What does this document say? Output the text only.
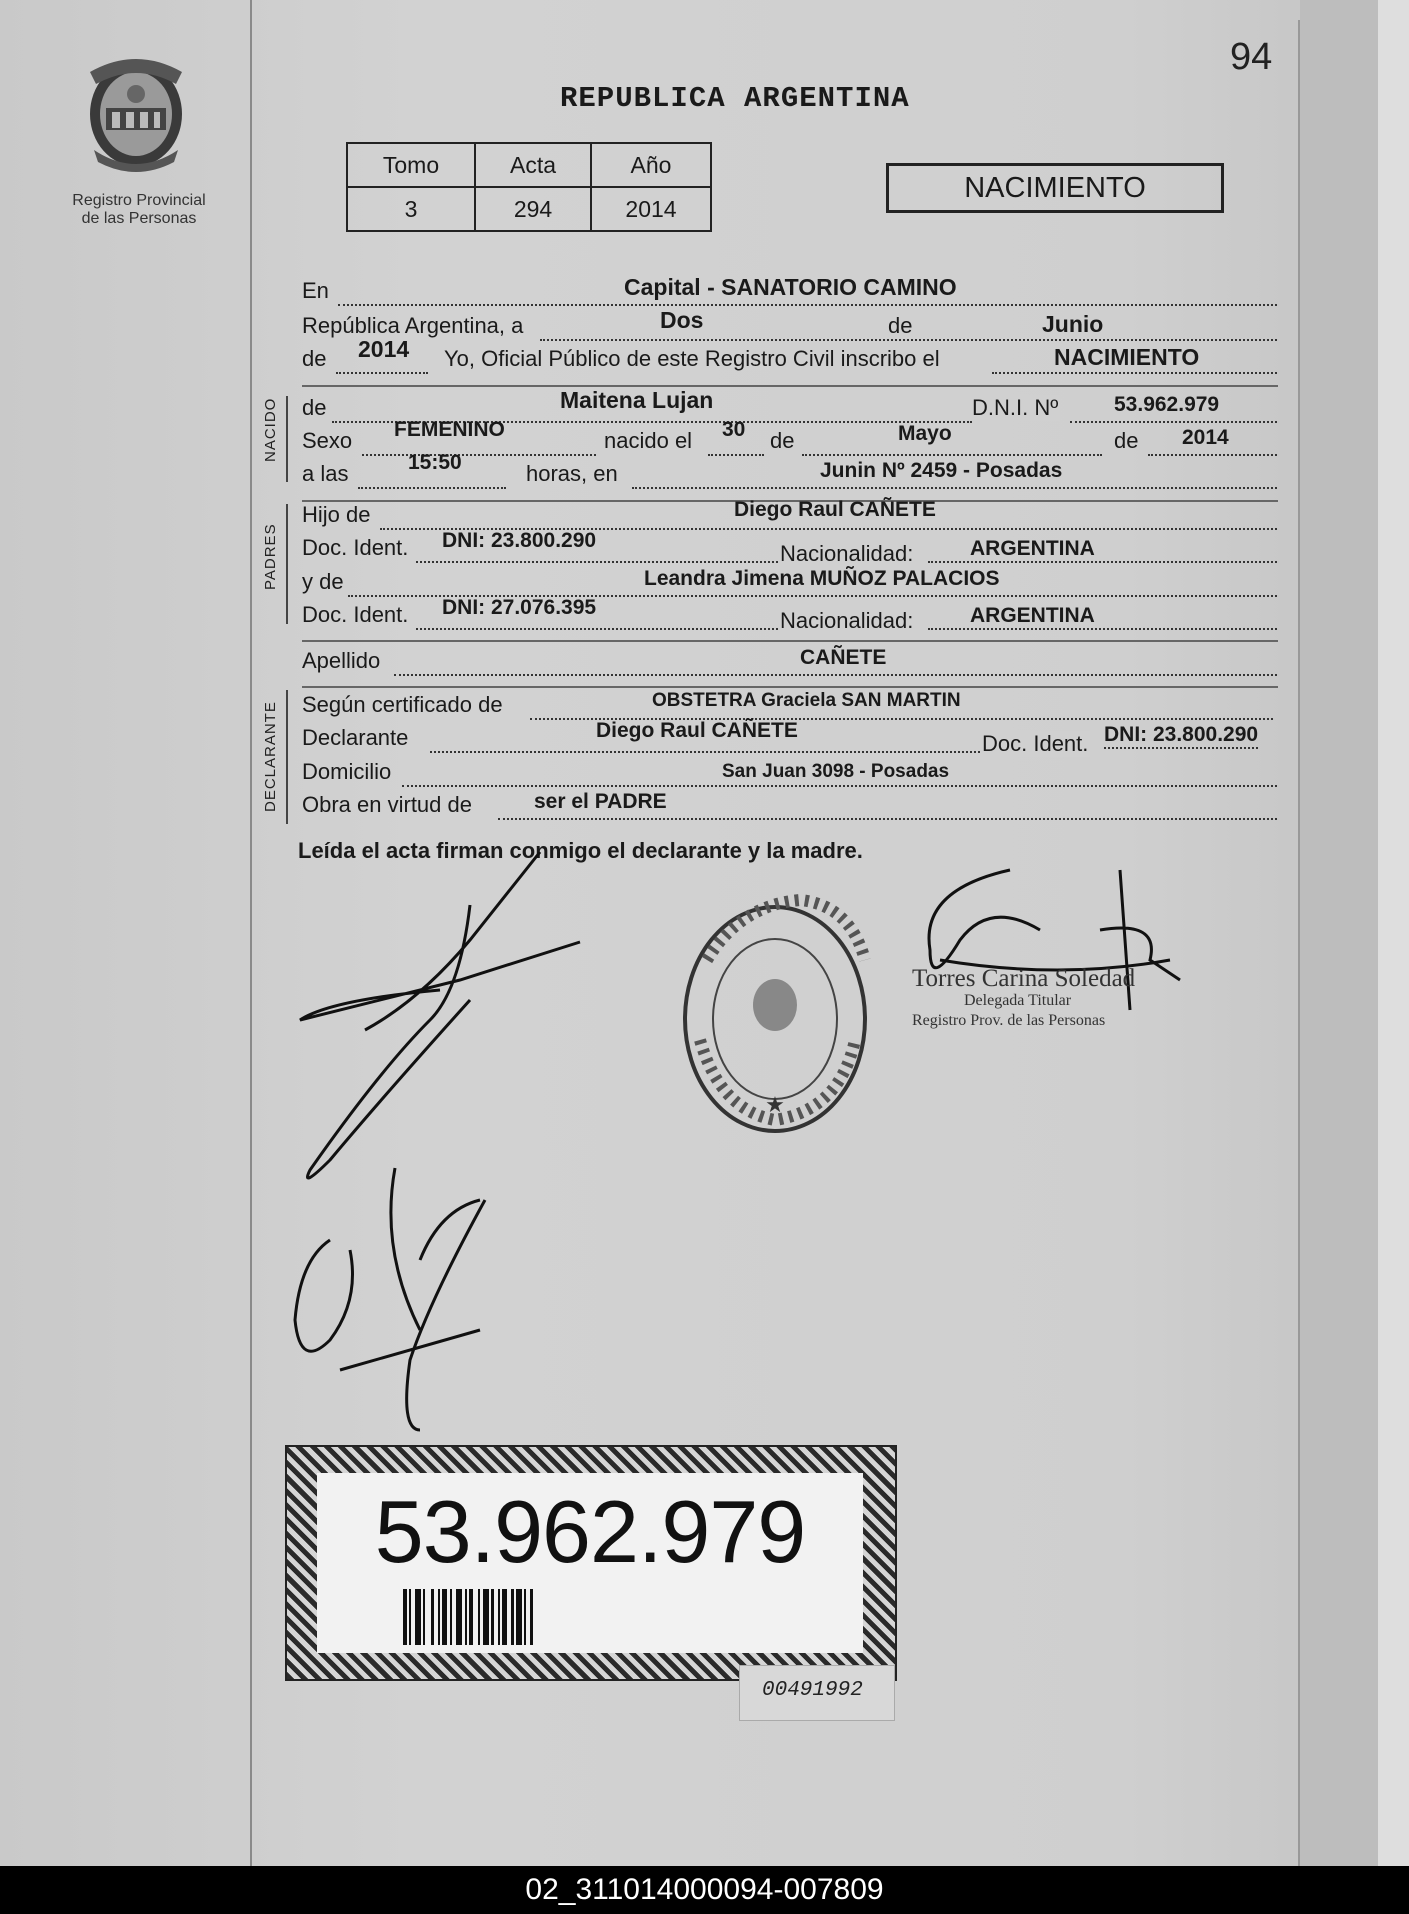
Registro Provincial
de las Personas
94
REPUBLICA ARGENTINA
Tomo	Acta	Año
3	294	2014
NACIMIENTO
En	Capital - SANATORIO CAMINO
República Argentina, a	Dos	de	Junio
de 2014 Yo, Oficial Público de este Registro Civil inscribo el	NACIMIENTO
NACIDO de	Maitena Lujan	D.N.I. Nº	53.962.979
Sexo FEMENINO	nacido el 30 de	Mayo	de 2014
a las	15:50	horas, en	Junin Nº 2459 - Posadas
PADRES
Hijo de	Diego Raul CAÑETE
Doc. Ident. DNI: 23.800.290
Nacionalidad:	ARGENTINA
y de	Leandra Jimena MUÑOZ PALACIOS
Doc. Ident. DNI: 27.076.395
Nacionalidad:	ARGENTINA
Apellido	CAÑETE
DECLARANTE Según certificado de	OBSTETRA Graciela SAN MARTIN
Declarante	Diego Raul CAÑETE
Doc. Ident. DNI: 23.800.290
Domicilio	San Juan 3098 - Posadas
Obra en virtud de	ser el PADRE
Leída el acta firman conmigo el declarante y la madre.
★
Torres Carina Soledad
Delegada Titular
Registro Prov. de las Personas
53.962.979
00491992
02_311014000094-007809
